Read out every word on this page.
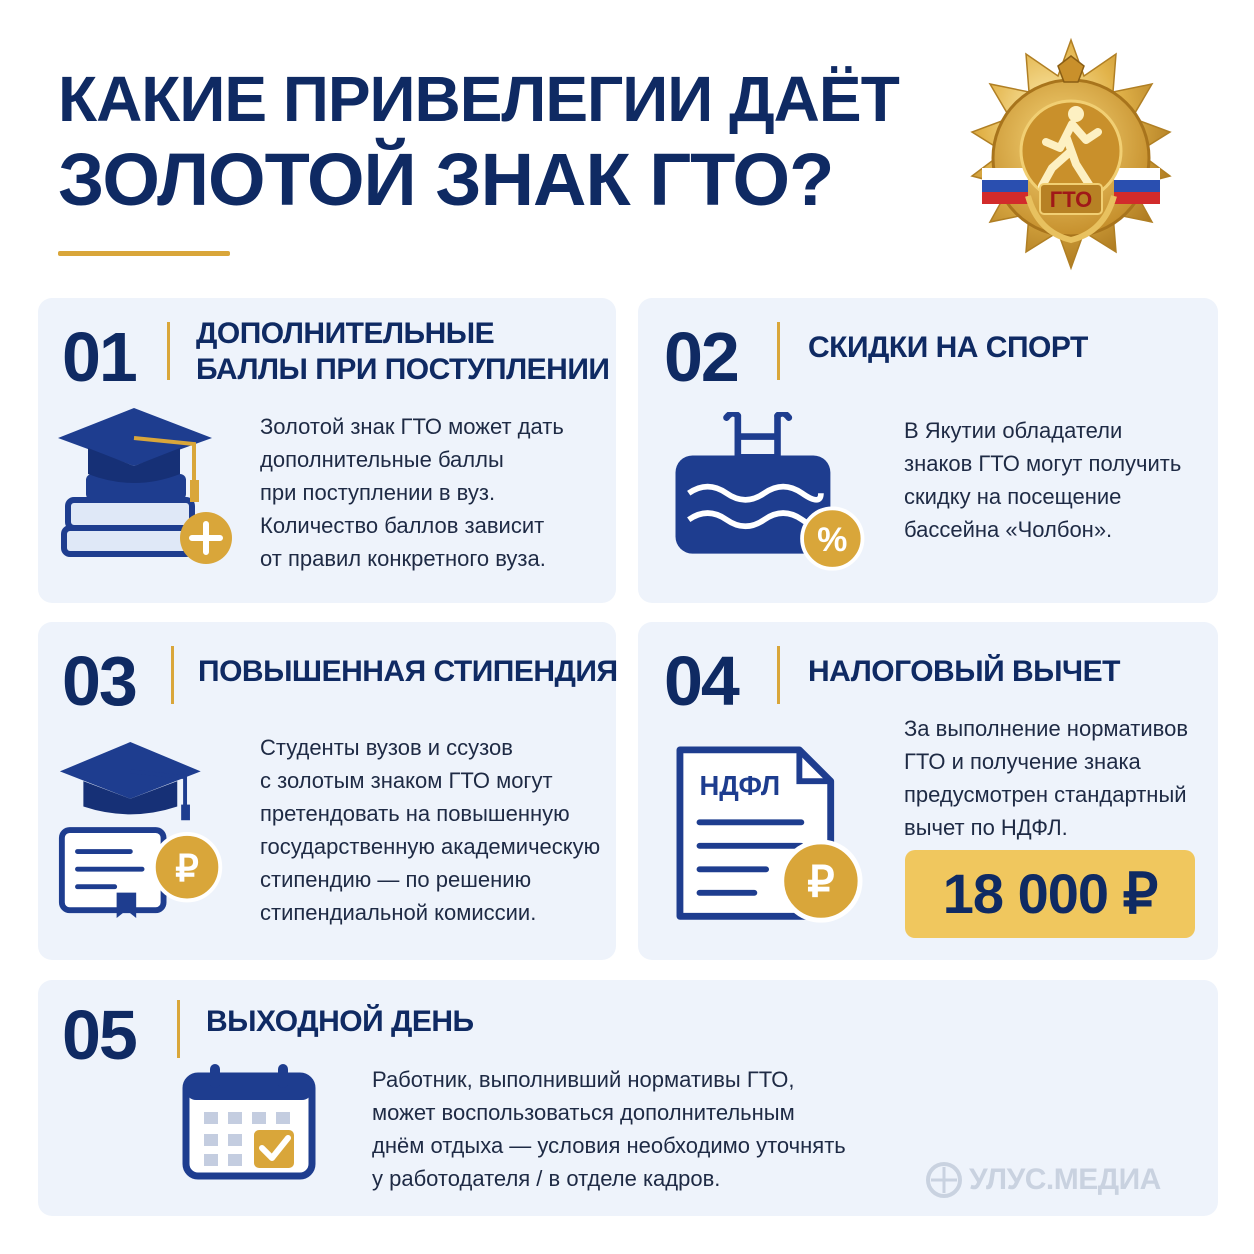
КАКИЕ ПРИВЕЛЕГИИ ДАЁТ
ЗОЛОТОЙ ЗНАК ГТО?	ГТО
01 ДОПОЛНИТЕЛЬНЫЕ
БАЛЛЫ ПРИ ПОСТУПЛЕНИИ
Золотой знак ГТО может дать
дополнительные баллы
при поступлении в вуз.
Количество баллов зависит
от правил конкретного вуза.
02 СКИДКИ НА СПОРТ
%
В Якутии обладатели
знаков ГТО могут получить
скидку на посещение
бассейна «Чолбон».
03 ПОВЫШЕННАЯ СТИПЕНДИЯ
₽
Студенты вузов и ссузов
с золотым знаком ГТО могут
претендовать на повышенную
государственную академическую
стипендию — по решению
стипендиальной комиссии.
04 НАЛОГОВЫЙ ВЫЧЕТ
НДФЛ
₽
За выполнение нормативов
ГТО и получение знака
предусмотрен стандартный
вычет по НДФЛ.
18 000 ₽
05 ВЫХОДНОЙ ДЕНЬ
Работник, выполнивший нормативы ГТО,
может воспользоваться дополнительным
днём отдыха — условия необходимо уточнять
у работодателя / в отделе кадров.	УЛУС.МЕДИА
